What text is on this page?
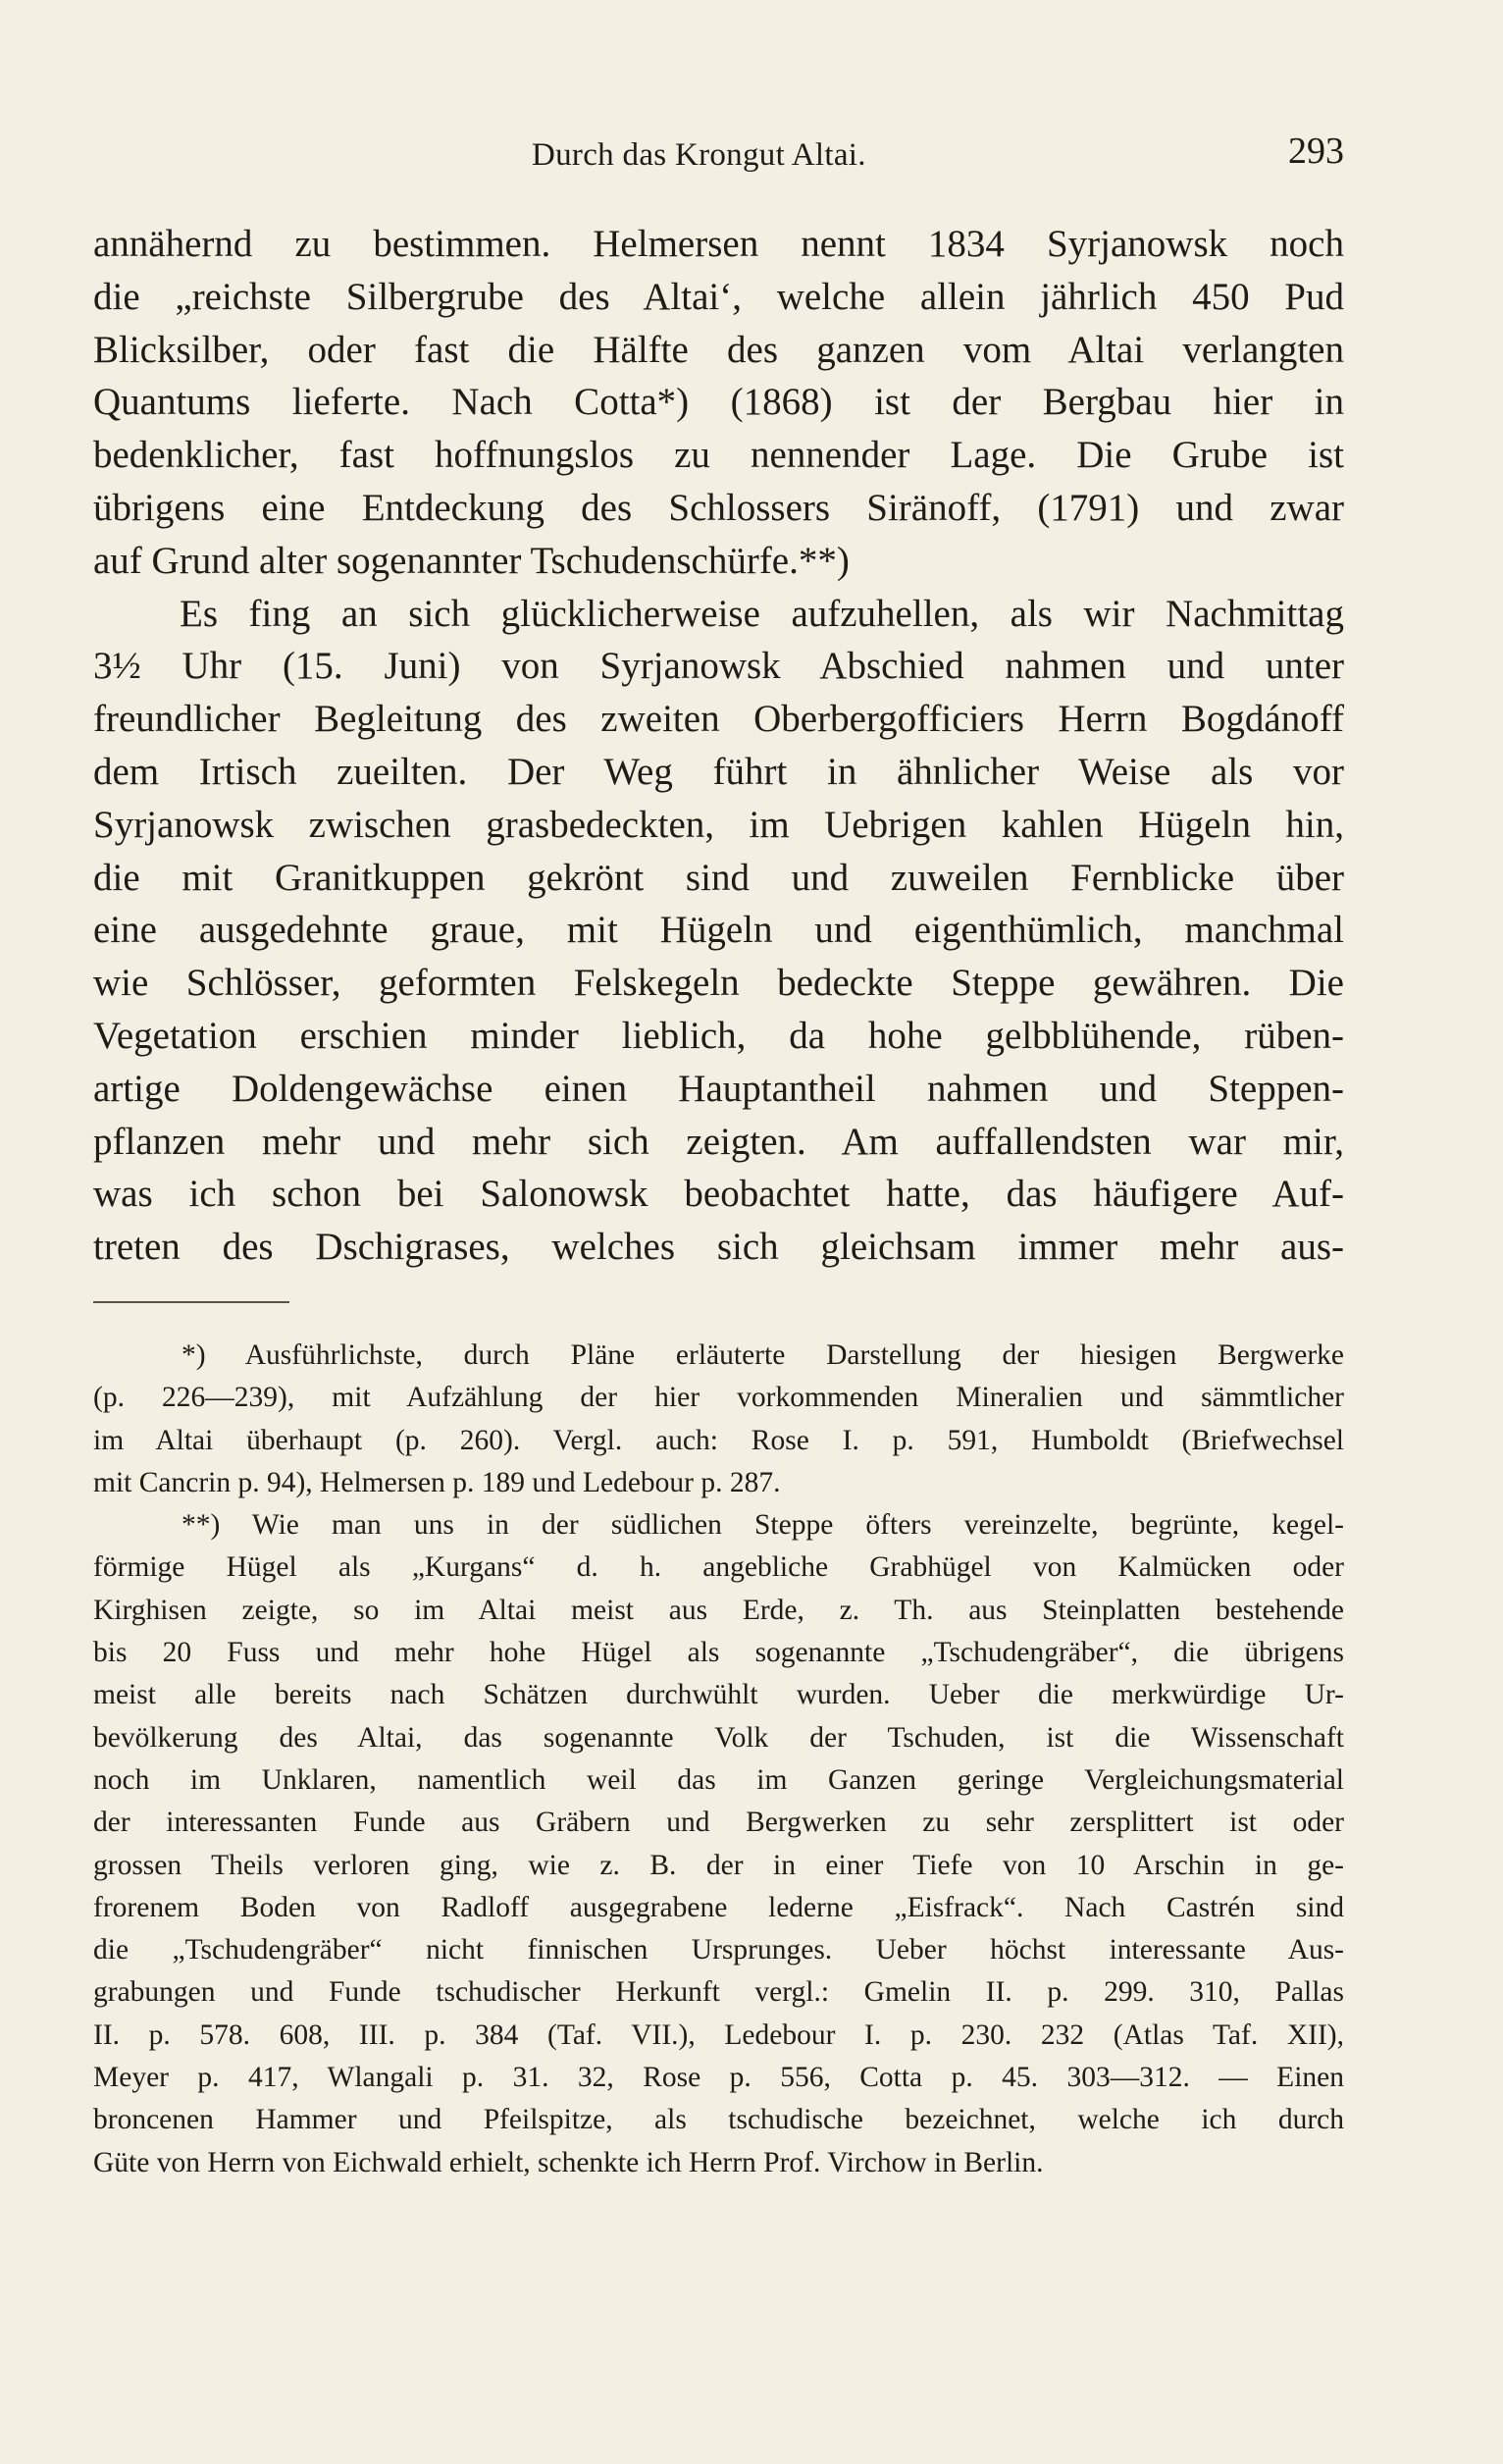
Durch das Krongut Altai.	293
annähernd zu bestimmen. Helmersen nennt 1834 Syrjanowsk noch
die „reichste Silbergrube des Altai‘, welche allein jährlich 450 Pud
Blicksilber, oder fast die Hälfte des ganzen vom Altai verlangten
Quantums lieferte. Nach Cotta*) (1868) ist der Bergbau hier in
bedenklicher, fast hoffnungslos zu nennender Lage. Die Grube ist
übrigens eine Entdeckung des Schlossers Siränoff, (1791) und zwar
auf Grund alter sogenannter Tschudenschürfe.**)
Es fing an sich glücklicherweise aufzuhellen, als wir Nachmittag
3½ Uhr (15. Juni) von Syrjanowsk Abschied nahmen und unter
freundlicher Begleitung des zweiten Oberbergofficiers Herrn Bogdánoff
dem Irtisch zueilten. Der Weg führt in ähnlicher Weise als vor
Syrjanowsk zwischen grasbedeckten, im Uebrigen kahlen Hügeln hin,
die mit Granitkuppen gekrönt sind und zuweilen Fernblicke über
eine ausgedehnte graue, mit Hügeln und eigenthümlich, manchmal
wie Schlösser, geformten Felskegeln bedeckte Steppe gewähren. Die
Vegetation erschien minder lieblich, da hohe gelbblühende, rüben-
artige Doldengewächse einen Hauptantheil nahmen und Steppen-
pflanzen mehr und mehr sich zeigten. Am auffallendsten war mir,
was ich schon bei Salonowsk beobachtet hatte, das häufigere Auf-
treten des Dschigrases, welches sich gleichsam immer mehr aus-
*) Ausführlichste, durch Pläne erläuterte Darstellung der hiesigen Bergwerke
(p. 226—239), mit Aufzählung der hier vorkommenden Mineralien und sämmtlicher
im Altai überhaupt (p. 260). Vergl. auch: Rose I. p. 591, Humboldt (Briefwechsel
mit Cancrin p. 94), Helmersen p. 189 und Ledebour p. 287.
**) Wie man uns in der südlichen Steppe öfters vereinzelte, begrünte, kegel-
förmige Hügel als „Kurgans“ d. h. angebliche Grabhügel von Kalmücken oder
Kirghisen zeigte, so im Altai meist aus Erde, z. Th. aus Steinplatten bestehende
bis 20 Fuss und mehr hohe Hügel als sogenannte „Tschudengräber“, die übrigens
meist alle bereits nach Schätzen durchwühlt wurden. Ueber die merkwürdige Ur-
bevölkerung des Altai, das sogenannte Volk der Tschuden, ist die Wissenschaft
noch im Unklaren, namentlich weil das im Ganzen geringe Vergleichungsmaterial
der interessanten Funde aus Gräbern und Bergwerken zu sehr zersplittert ist oder
grossen Theils verloren ging, wie z. B. der in einer Tiefe von 10 Arschin in ge-
frorenem Boden von Radloff ausgegrabene lederne „Eisfrack“. Nach Castrén sind
die „Tschudengräber“ nicht finnischen Ursprunges. Ueber höchst interessante Aus-
grabungen und Funde tschudischer Herkunft vergl.: Gmelin II. p. 299. 310, Pallas
II. p. 578. 608, III. p. 384 (Taf. VII.), Ledebour I. p. 230. 232 (Atlas Taf. XII),
Meyer p. 417, Wlangali p. 31. 32, Rose p. 556, Cotta p. 45. 303—312. — Einen
broncenen Hammer und Pfeilspitze, als tschudische bezeichnet, welche ich durch
Güte von Herrn von Eichwald erhielt, schenkte ich Herrn Prof. Virchow in Berlin.
